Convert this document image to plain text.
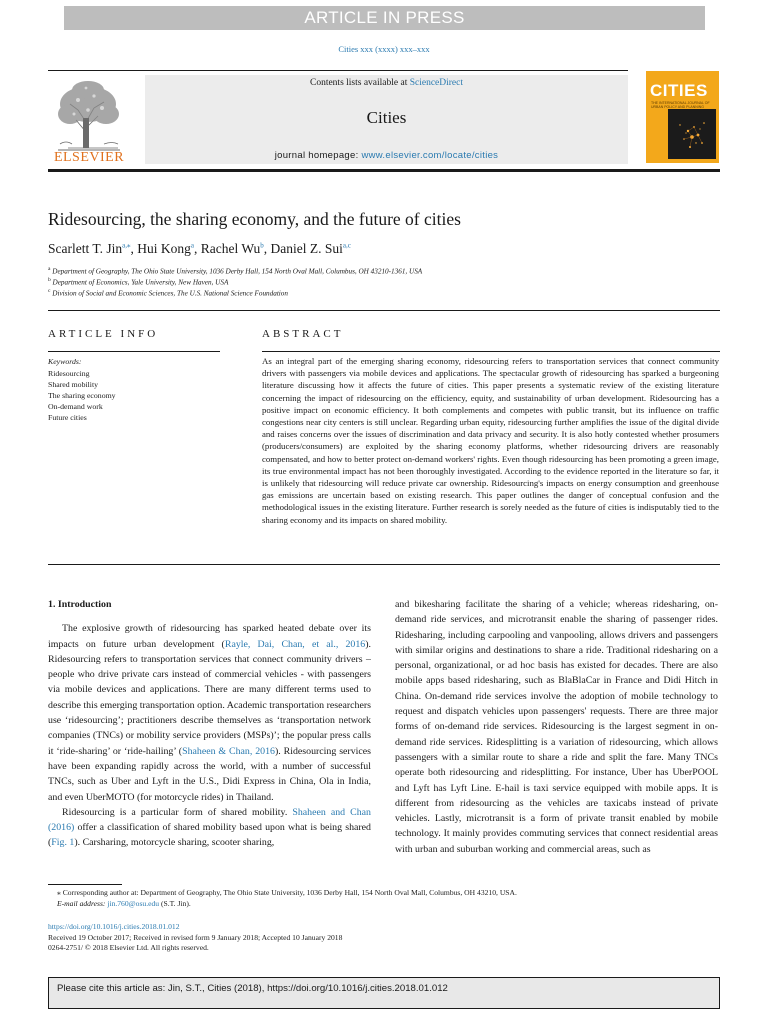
ARTICLE IN PRESS
Cities xxx (xxxx) xxx–xxx
ELSEVIER
Contents lists available at ScienceDirect
Cities
journal homepage: www.elsevier.com/locate/cities
CITIES
THE INTERNATIONAL JOURNAL OF URBAN POLICY AND PLANNING
Ridesourcing, the sharing economy, and the future of cities
Scarlett T. Jin$^{a,⁎}$, Hui Kong$^a$, Rachel Wu$^b$, Daniel Z. Sui$^{a,c}$
$^a$ Department of Geography, The Ohio State University, 1036 Derby Hall, 154 North Oval Mall, Columbus, OH 43210-1361, USA
$^b$ Department of Economics, Yale University, New Haven, USA
$^c$ Division of Social and Economic Sciences, The U.S. National Science Foundation
ARTICLE INFO	ABSTRACT
Keywords:
Ridesourcing
Shared mobility
The sharing economy
On-demand work
Future cities
As an integral part of the emerging sharing economy, ridesourcing refers to transportation services that connect community drivers with passengers via mobile devices and applications. The spectacular growth of ridesourcing has sparked a burgeoning literature discussing how it affects the future of cities. This paper presents a systematic review of the existing literature concerning the impact of ridesourcing on the efficiency, equity, and sustainability of urban development. Ridesourcing has a positive impact on economic efficiency. It both complements and competes with public transit, but its influence on traffic congestions near city centers is still unclear. Regarding urban equity, ridesourcing further amplifies the issue of the digital divide and raises concerns over the issues of discrimination and data privacy and security. It is also hotly contested whether prosumers (producers/consumers) are exploited by the sharing economy platforms, whether ridesourcing drivers are reasonably compensated, and how to better protect on-demand workers' rights. Even though ridesourcing has been promoting a green image, its true environmental impact has not been thoroughly investigated. According to the evidence reported in the literature so far, it is unlikely that ridesourcing will reduce private car ownership. Ridesourcing's impacts on energy consumption and greenhouse gas emissions are uncertain based on existing research. This paper outlines the danger of conceptual confusion and the methodological issues in the existing literature. Further research is sorely needed as the future of cities is indisputably tied to the sharing economy and its impacts on shared mobility.
1. Introduction

The explosive growth of ridesourcing has sparked heated debate over its impacts on future urban development (Rayle, Dai, Chan, et al., 2016). Ridesourcing refers to transportation services that connect community drivers – people who drive private cars instead of commercial vehicles - with passengers via mobile devices and applications. There are many different terms used to describe this emerging transportation option. Academic transportation researchers use ‘ridesourcing’; practitioners describe themselves as ‘transportation network companies (TNCs) or mobility service providers (MSPs)’; the popular press calls it ‘ride-sharing’ or ‘ride-hailing’ (Shaheen & Chan, 2016). Ridesourcing services have been expanding rapidly across the world, with a number of successful TNCs, such as Uber and Lyft in the U.S., Didi Express in China, Ola in India, and even UberMOTO (for motorcycle rides) in Thailand.

Ridesourcing is a particular form of shared mobility. Shaheen and Chan (2016) offer a classification of shared mobility based upon what is being shared (Fig. 1). Carsharing, motorcycle sharing, scooter sharing,

and bikesharing facilitate the sharing of a vehicle; whereas ridesharing, on-demand ride services, and microtransit enable the sharing of passenger rides. Ridesharing, including carpooling and vanpooling, allows drivers and passengers with similar origins and destinations to share a ride. Traditional ridesharing on a personal, organizational, or ad hoc basis has existed for decades. There are also mobile apps based ridesharing, such as BlaBlaCar in France and Didi Hitch in China. On-demand ride services involve the adoption of mobile technology to request and dispatch vehicles upon passengers' requests. There are three major forms of on-demand ride services. Ridesourcing is the largest segment in on-demand ride services. Ridesplitting is a variation of ridesourcing, which allows passengers with a similar route to share a ride and split the fare. Many TNCs operate both ridesourcing and ridesplitting. For instance, Uber has UberPOOL and Lyft has Lyft Line. E-hail is taxi service equipped with mobile apps. It is different from ridesourcing as the vehicles are taxicabs instead of private vehicles. Lastly, microtransit is a form of private transit enabled by mobile technology. It mainly provides commuting services that connect residential areas with urban and suburban working and commercial areas, such as

⁎ Corresponding author at: Department of Geography, The Ohio State University, 1036 Derby Hall, 154 North Oval Mall, Columbus, OH 43210, USA.
E-mail address: jin.760@osu.edu (S.T. Jin).
https://doi.org/10.1016/j.cities.2018.01.012
Received 19 October 2017; Received in revised form 9 January 2018; Accepted 10 January 2018
0264-2751/ © 2018 Elsevier Ltd. All rights reserved.
Please cite this article as: Jin, S.T., Cities (2018), https://doi.org/10.1016/j.cities.2018.01.012
